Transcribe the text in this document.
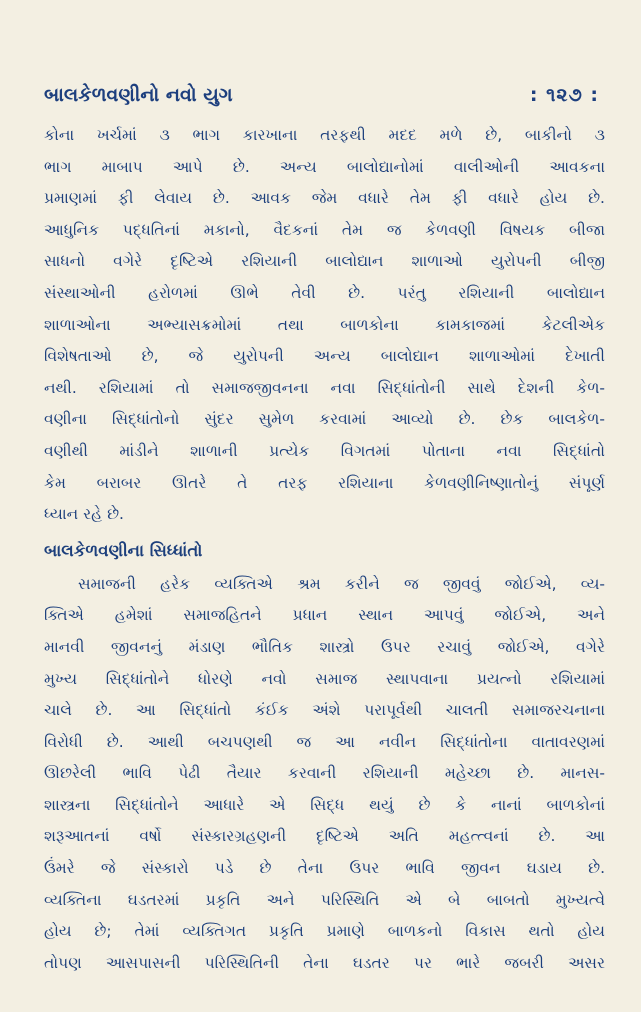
બાલકેળવણીનો નવો યુગ	: ૧૨૭ :
કોના ખર્ચમાં ૩ ભાગ કારખાના તરફથી મદદ મળે છે, બાકીનો ૩
ભાગ માબાપ આપે છે. અન્ય બાલોદ્યાનોમાં વાલીઓની આવકના
પ્રમાણમાં ફી લેવાય છે. આવક જેમ વધારે તેમ ફી વધારે હોય છે.
આધુનિક પદ્ધતિનાં મકાનો, વૈદકનાં તેમ જ કેળવણી વિષયક બીજા
સાધનો વગેરે દૃષ્ટિએ રશિયાની બાલોદ્યાન શાળાઓ યુરોપની બીજી
સંસ્થાઓની હરોળમાં ઊભે તેવી છે. પરંતુ રશિયાની બાલોદ્યાન
શાળાઓના અભ્યાસક્રમોમાં તથા બાળકોના કામકાજમાં કેટલીએક
વિશેષતાઓ છે, જે યુરોપની અન્ય બાલોદ્યાન શાળાઓમાં દેખાતી
નથી. રશિયામાં તો સમાજજીવનના નવા સિદ્ધાંતોની સાથે દેશની કેળ-
વણીના સિદ્ધાંતોનો સુંદર સુમેળ કરવામાં આવ્યો છે. છેક બાલકેળ-
વણીથી માંડીને શાળાની પ્રત્યેક વિગતમાં પોતાના નવા સિદ્ધાંતો
કેમ બરાબર ઊતરે તે તરફ રશિયાના કેળવણીનિષ્ણાતોનું સંપૂર્ણ
ધ્યાન રહે છે.
બાલકેળવણીના સિધ્ધાંતો
સમાજની હરેક વ્યક્તિએ શ્રમ કરીને જ જીવવું જોઈએ, વ્ય-
ક્તિએ હમેશાં સમાજહિતને પ્રધાન સ્થાન આપવું જોઈએ, અને
માનવી જીવનનું મંડાણ ભૌતિક શાસ્ત્રો ઉપર રચાવું જોઈએ, વગેરે
મુખ્ય સિદ્ધાંતોને ધોરણે નવો સમાજ સ્થાપવાના પ્રયત્નો રશિયામાં
ચાલે છે. આ સિદ્ધાંતો કંઈક અંશે પરાપૂર્વથી ચાલતી સમાજરચનાના
વિરોધી છે. આથી બચપણથી જ આ નવીન સિદ્ધાંતોના વાતાવરણમાં
ઊછરેલી ભાવિ પેઢી તૈયાર કરવાની રશિયાની મહેચ્છા છે. માનસ-
શાસ્ત્રના સિદ્ધાંતોને આધારે એ સિદ્ધ થયું છે કે નાનાં બાળકોનાં
શરૂઆતનાં વર્ષો સંસ્કારગ્રહણની દૃષ્ટિએ અતિ મહત્ત્વનાં છે. આ
ઉંમરે જે સંસ્કારો પડે છે તેના ઉપર ભાવિ જીવન ઘડાય છે.
વ્યક્તિના ઘડતરમાં પ્રકૃતિ અને પરિસ્થિતિ એ બે બાબતો મુખ્યત્વે
હોય છે; તેમાં વ્યક્તિગત પ્રકૃતિ પ્રમાણે બાળકનો વિકાસ થતો હોય
તોપણ આસપાસની પરિસ્થિતિની તેના ઘડતર પર ભારે જબરી અસર
